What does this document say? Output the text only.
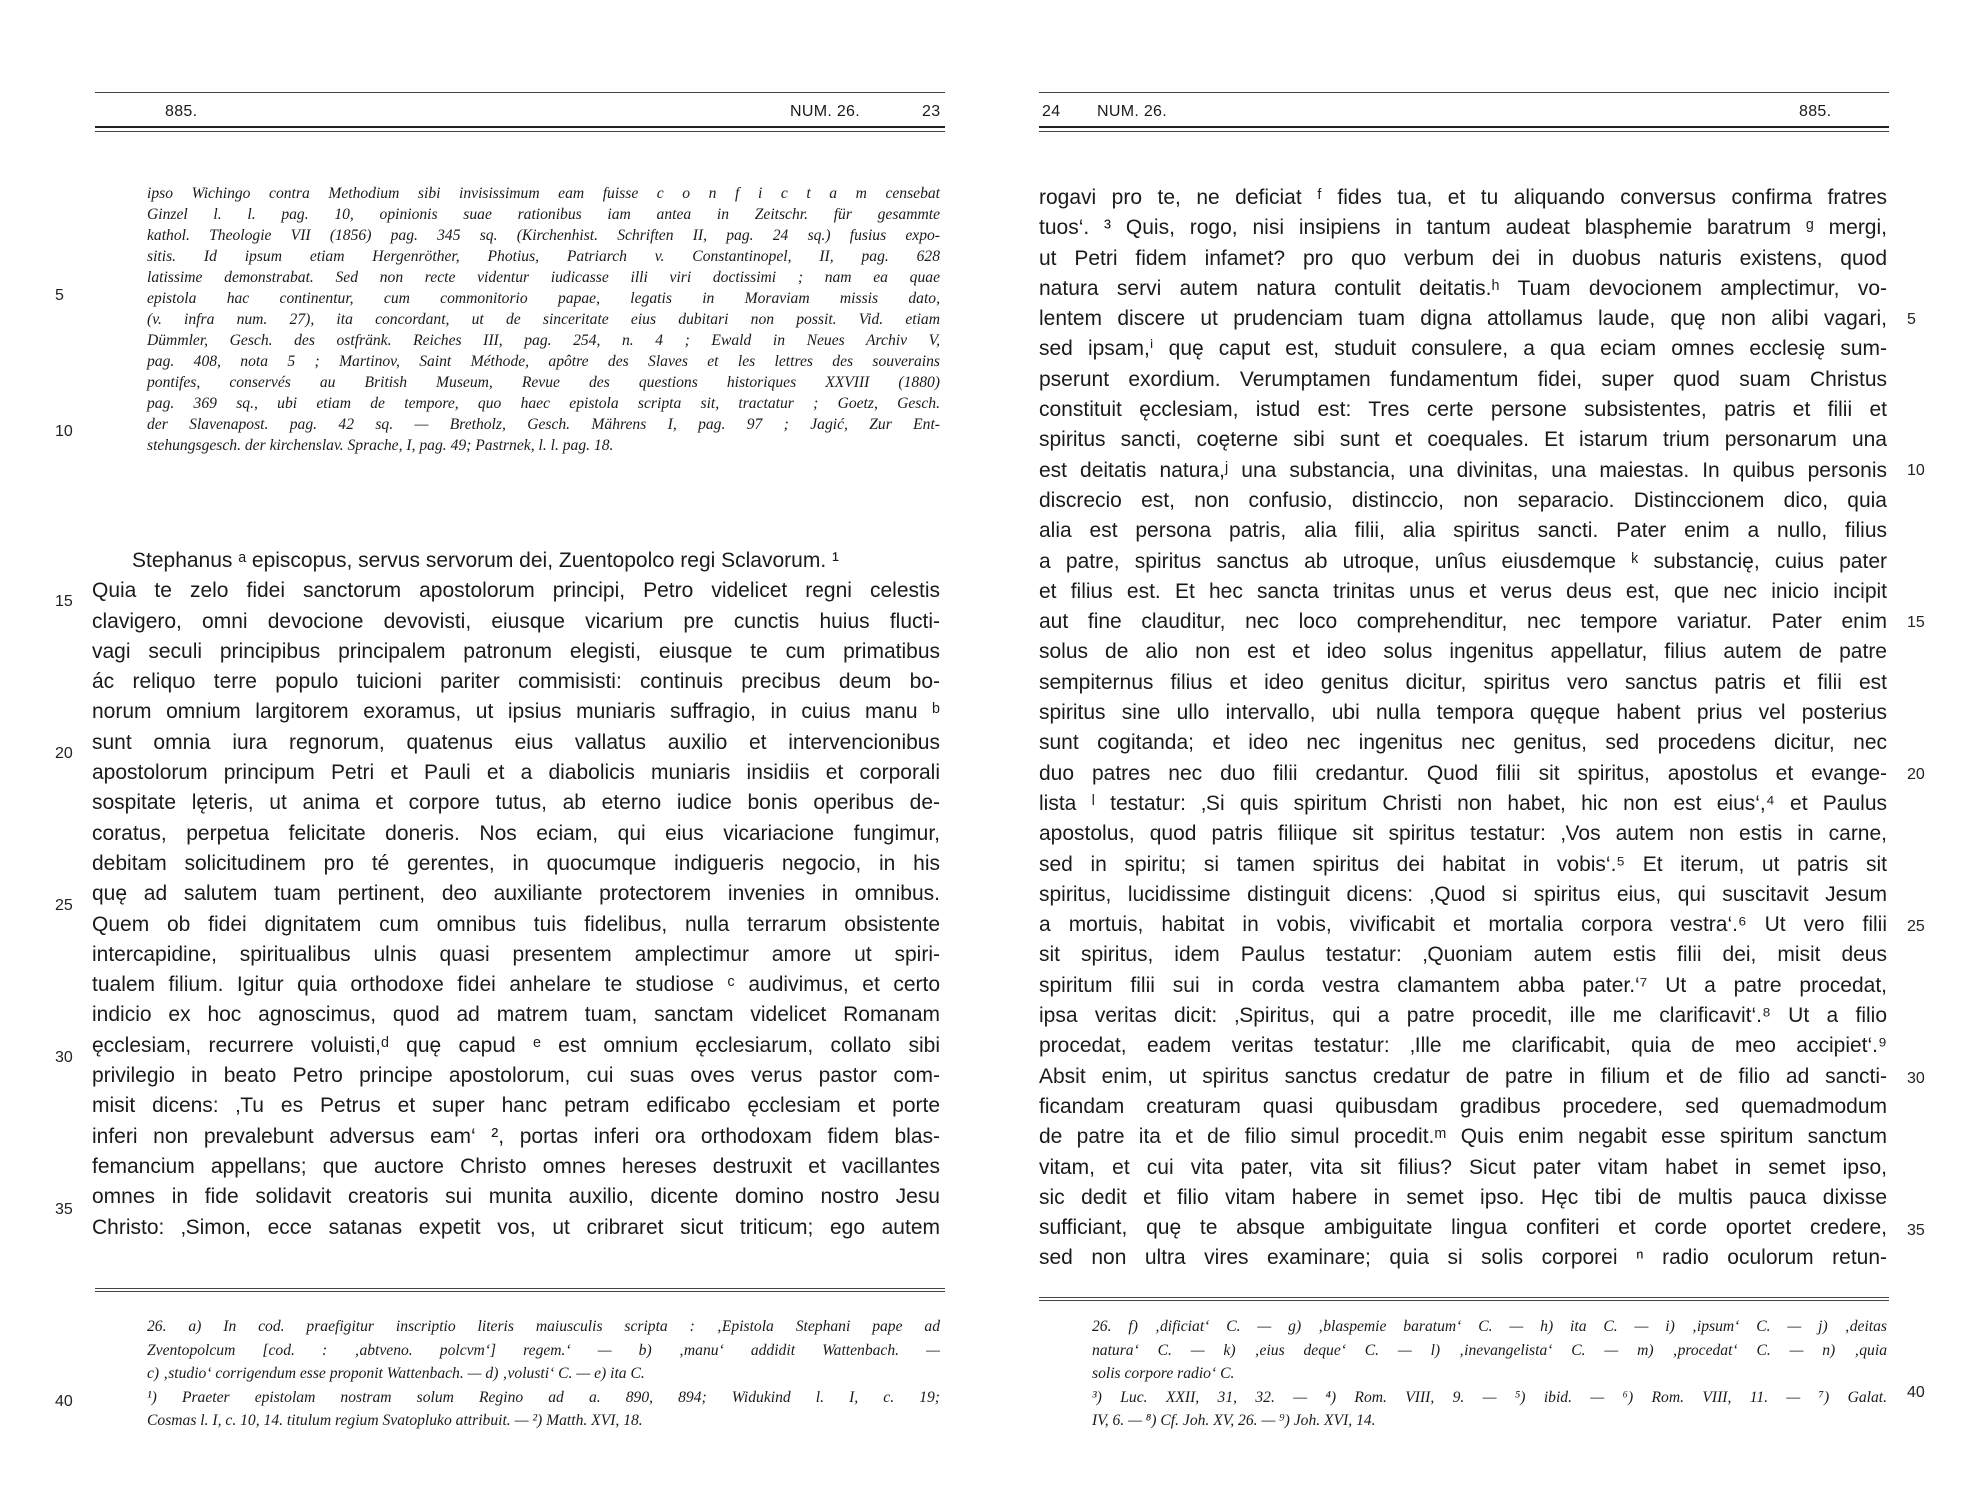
885.	NUM. 26.	23
ipso Wichingo contra Methodium sibi invisissimum eam fuisse c o n f i c t a m censebat
Ginzel l. l. pag. 10, opinionis suae rationibus iam antea in Zeitschr. für gesammte
kathol. Theologie VII (1856) pag. 345 sq. (Kirchenhist. Schriften II, pag. 24 sq.) fusius expo-
sitis. Id ipsum etiam Hergenröther, Photius, Patriarch v. Constantinopel, II, pag. 628
latissime demonstrabat. Sed non recte videntur iudicasse illi viri doctissimi ; nam ea quae
epistola hac continentur, cum commonitorio papae, legatis in Moraviam missis dato,
(v. infra num. 27), ita concordant, ut de sinceritate eius dubitari non possit. Vid. etiam
Dümmler, Gesch. des ostfränk. Reiches III, pag. 254, n. 4 ; Ewald in Neues Archiv V,
pag. 408, nota 5 ; Martinov, Saint Méthode, apôtre des Slaves et les lettres des souverains
pontifes, conservés au British Museum, Revue des questions historiques XXVIII (1880)
pag. 369 sq., ubi etiam de tempore, quo haec epistola scripta sit, tractatur ; Goetz, Gesch.
der Slavenapost. pag. 42 sq. — Bretholz, Gesch. Mährens I, pag. 97 ; Jagić, Zur Ent-
stehungsgesch. der kirchenslav. Sprache, I, pag. 49; Pastrnek, l. l. pag. 18.
Stephanus ᵃ episcopus, servus servorum dei, Zuentopolco regi Sclavorum. ¹
Quia te zelo fidei sanctorum apostolorum principi, Petro videlicet regni celestis
clavigero, omni devocione devovisti, eiusque vicarium pre cunctis huius flucti-
vagi seculi principibus principalem patronum elegisti, eiusque te cum primatibus
ác reliquo terre populo tuicioni pariter commisisti: continuis precibus deum bo-
norum omnium largitorem exoramus, ut ipsius muniaris suffragio, in cuius manu ᵇ
sunt omnia iura regnorum, quatenus eius vallatus auxilio et intervencionibus
apostolorum principum Petri et Pauli et a diabolicis muniaris insidiis et corporali
sospitate lęteris, ut anima et corpore tutus, ab eterno iudice bonis operibus de-
coratus, perpetua felicitate doneris. Nos eciam, qui eius vicariacione fungimur,
debitam solicitudinem pro té gerentes, in quocumque indigueris negocio, in his
quę ad salutem tuam pertinent, deo auxiliante protectorem invenies in omnibus.
Quem ob fidei dignitatem cum omnibus tuis fidelibus, nulla terrarum obsistente
intercapidine, spiritualibus ulnis quasi presentem amplectimur amore ut spiri-
tualem filium. Igitur quia orthodoxe fidei anhelare te studiose ᶜ audivimus, et certo
indicio ex hoc agnoscimus, quod ad matrem tuam, sanctam videlicet Romanam
ęcclesiam, recurrere voluisti,ᵈ quę capud ᵉ est omnium ęcclesiarum, collato sibi
privilegio in beato Petro principe apostolorum, cui suas oves verus pastor com-
misit dicens: ‚Tu es Petrus et super hanc petram edificabo ęcclesiam et porte
inferi non prevalebunt adversus eam‘ ², portas inferi ora orthodoxam fidem blas-
femancium appellans; que auctore Christo omnes hereses destruxit et vacillantes
omnes in fide solidavit creatoris sui munita auxilio, dicente domino nostro Jesu
Christo: ‚Simon, ecce satanas expetit vos, ut cribraret sicut triticum; ego autem
26. a) In cod. praefigitur inscriptio literis maiusculis scripta : ‚Epistola Stephani pape ad
Zventopolcum [cod. : ‚abtveno. polcvm‘] regem.‘ — b) ‚manu‘ addidit Wattenbach. —
c) ‚studio‘ corrigendum esse proponit Wattenbach. — d) ‚volusti‘ C. — e) ita C.
¹) Praeter epistolam nostram solum Regino ad a. 890, 894; Widukind l. I, c. 19;
Cosmas l. I, c. 10, 14. titulum regium Svatopluko attribuit. — ²) Matth. XVI, 18.
5
10
15
20
25
30
35
40
24 NUM. 26.	885.
rogavi pro te, ne deficiat ᶠ fides tua, et tu aliquando conversus confirma fratres
tuos‘. ³ Quis, rogo, nisi insipiens in tantum audeat blasphemie baratrum ᵍ mergi,
ut Petri fidem infamet? pro quo verbum dei in duobus naturis existens, quod
natura servi autem natura contulit deitatis.ʰ Tuam devocionem amplectimur, vo-
lentem discere ut prudenciam tuam digna attollamus laude, quę non alibi vagari,
sed ipsam,ⁱ quę caput est, studuit consulere, a qua eciam omnes ecclesię sum-
pserunt exordium. Verumptamen fundamentum fidei, super quod suam Christus
constituit ęcclesiam, istud est: Tres certe persone subsistentes, patris et filii et
spiritus sancti, coęterne sibi sunt et coequales. Et istarum trium personarum una
est deitatis natura,ʲ una substancia, una divinitas, una maiestas. In quibus personis
discrecio est, non confusio, distinccio, non separacio. Distinccionem dico, quia
alia est persona patris, alia filii, alia spiritus sancti. Pater enim a nullo, filius
a patre, spiritus sanctus ab utroque, unîus eiusdemque ᵏ substancię, cuius pater
et filius est. Et hec sancta trinitas unus et verus deus est, que nec inicio incipit
aut fine clauditur, nec loco comprehenditur, nec tempore variatur. Pater enim
solus de alio non est et ideo solus ingenitus appellatur, filius autem de patre
sempiternus filius et ideo genitus dicitur, spiritus vero sanctus patris et filii est
spiritus sine ullo intervallo, ubi nulla tempora quęque habent prius vel posterius
sunt cogitanda; et ideo nec ingenitus nec genitus, sed procedens dicitur, nec
duo patres nec duo filii credantur. Quod filii sit spiritus, apostolus et evange-
lista ˡ testatur: ‚Si quis spiritum Christi non habet, hic non est eius‘,⁴ et Paulus
apostolus, quod patris filiique sit spiritus testatur: ‚Vos autem non estis in carne,
sed in spiritu; si tamen spiritus dei habitat in vobis‘.⁵ Et iterum, ut patris sit
spiritus, lucidissime distinguit dicens: ‚Quod si spiritus eius, qui suscitavit Jesum
a mortuis, habitat in vobis, vivificabit et mortalia corpora vestra‘.⁶ Ut vero filii
sit spiritus, idem Paulus testatur: ‚Quoniam autem estis filii dei, misit deus
spiritum filii sui in corda vestra clamantem abba pater.‘⁷ Ut a patre procedat,
ipsa veritas dicit: ‚Spiritus, qui a patre procedit, ille me clarificavit‘.⁸ Ut a filio
procedat, eadem veritas testatur: ‚Ille me clarificabit, quia de meo accipiet‘.⁹
Absit enim, ut spiritus sanctus credatur de patre in filium et de filio ad sancti-
ficandam creaturam quasi quibusdam gradibus procedere, sed quemadmodum
de patre ita et de filio simul procedit.ᵐ Quis enim negabit esse spiritum sanctum
vitam, et cui vita pater, vita sit filius? Sicut pater vitam habet in semet ipso,
sic dedit et filio vitam habere in semet ipso. Hęc tibi de multis pauca dixisse
sufficiant, quę te absque ambiguitate lingua confiteri et corde oportet credere,
sed non ultra vires examinare; quia si solis corporei ⁿ radio oculorum retun-
26. f) ‚dificiat‘ C. — g) ‚blaspemie baratum‘ C. — h) ita C. — i) ‚ipsum‘ C. — j) ‚deitas
natura‘ C. — k) ‚eius deque‘ C. — l) ‚inevangelista‘ C. — m) ‚procedat‘ C. — n) ‚quia
solis corpore radio‘ C.
³) Luc. XXII, 31, 32. — ⁴) Rom. VIII, 9. — ⁵) ibid. — ⁶) Rom. VIII, 11. — ⁷) Galat.
IV, 6. — ⁸) Cf. Joh. XV, 26. — ⁹) Joh. XVI, 14.
5
10
15
20
25
30
35
40
